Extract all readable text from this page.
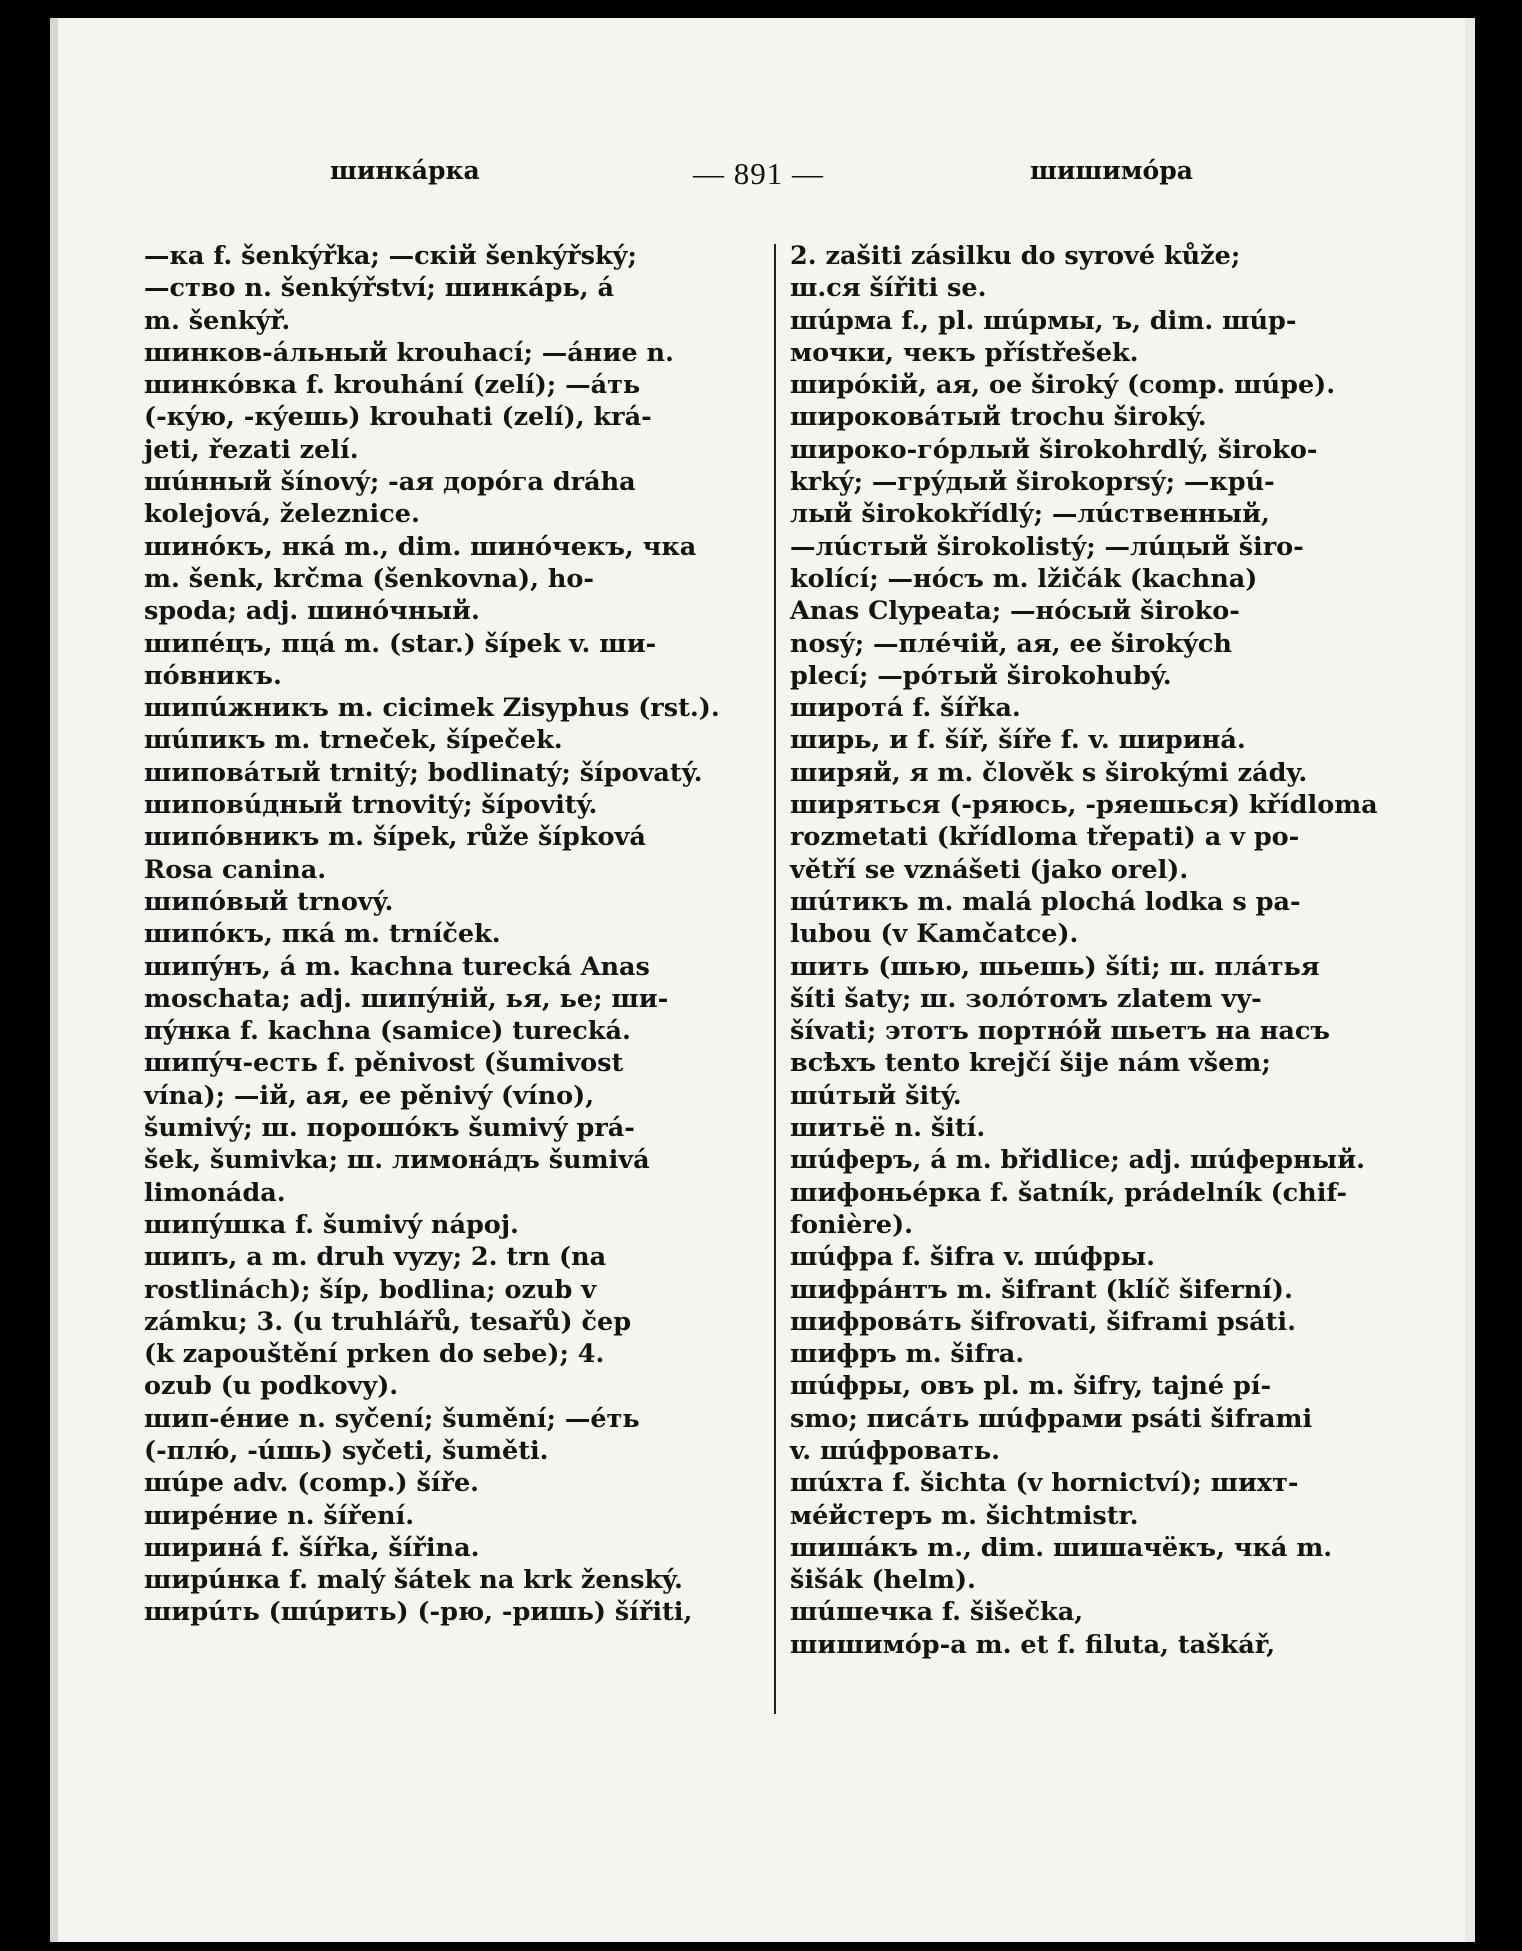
шинкáрка	— 891 —	шишимóра

—ка f. šenkýřka; —скій šenkýřský;

—ство n. šenkýřství; шинкáрь, á

m. šenkýř.

шинков-áльный krouhací; —áние n.

шинкóвка f. krouhání (zelí); —áть

(-кýю, -кýешь) krouhati (zelí), krá-

jeti, řezati zelí.

шúнный šínový; -ая дорóга dráha

kolejová, železnice.

шинóкъ, нкá m., dim. шинóчекъ, чка

m. šenk, krčma (šenkovna), ho-

spoda; adj. шинóчный.

шипéцъ, пцá m. (star.) šípek v. ши-

пóвникъ.

шипúжникъ m. cicimek Zisyphus (rst.).

шúпикъ m. trneček, šípeček.

шиповáтый trnitý; bodlinatý; šípovatý.

шиповúдный trnovitý; šípovitý.

шипóвникъ m. šípek, růže šípková

Rosa canina.

шипóвый trnový.

шипóкъ, пкá m. trníček.

шипýнъ, á m. kachna turecká Anas

moschata; adj. шипýній, ья, ье; ши-

пýнка f. kachna (samice) turecká.

шипýч-есть f. pěnivost (šumivost

vína); —ій, ая, ее pěnivý (víno),

šumivý; ш. порошóкъ šumivý prá-

šek, šumivka; ш. лимонáдъ šumivá

limonáda.

шипýшка f. šumivý nápoj.

шипъ, а m. druh vyzy; 2. trn (na

rostlinách); šíp, bodlina; ozub v

zámku; 3. (u truhlářů, tesařů) čep

(k zapouštění prken do sebe); 4.

ozub (u podkovy).

шип-éние n. syčení; šumění; —éть

(-плю́, -úшь) syčeti, šuměti.

шúре adv. (comp.) šíře.

ширéние n. šíření.

ширинá f. šířka, šířina.

ширúнка f. malý šátek na krk ženský.

ширúть (шúрить) (-рю, -ришь) šířiti,

2. zašiti zásilku do syrové kůže;

ш.ся šířiti se.

шúрмa f., pl. шúрмы, ъ, dim. шúр-

мочки, чекъ přístřešek.

ширóкій, ая, ое široký (comp. шúре).

широковáтый trochu široký.

широко-гóрлый širokohrdlý, široko-

krký; —грýдый širokoprsý; —крú-

лый širokokřídlý; —лúственный,

—лúстый širokolistý; —лúцый širo-

kolící; —нóсъ m. lžičák (kachna)

Anas Clypeata; —нóсый široko-

nosý; —плéчій, ая, ее širokých

plecí; —рóтый širokohubý.

широтá f. šířka.

ширь, и f. šíř, šíře f. v. ширинá.

ширяй, я m. člověk s širokými zády.

ширяться (-ряюсь, -ряешься) křídloma

rozmetati (křídloma třepati) a v po-

větří se vznášeti (jako orel).

шúтикъ m. malá plochá lodka s pa-

lubou (v Kamčatce).

шить (шью, шьешь) šíti; ш. плáтья

šíti šaty; ш. золóтомъ zlatem vy-

šívati; этотъ портнóй шьетъ на насъ

всѣхъ tento krejčí šije nám všem;

шúтый šitý.

шитьё n. šití.

шúферъ, á m. břidlice; adj. шúферный.

шифоньéрка f. šatník, prádelník (chif-

fonière).

шúфра f. šifra v. шúфры.

шифрáнтъ m. šifrant (klíč šiferní).

шифровáть šifrovati, šiframi psáti.

шифръ m. šifra.

шúфры, овъ pl. m. šifry, tajné pí-

smo; писáть шúфрами psáti šiframi

v. шúфровать.

шúхта f. šichta (v hornictví); шихт-

мéйстеръ m. šichtmistr.

шишáкъ m., dim. шишачёкъ, чкá m.

šišák (helm).

шúшечка f. šišečka,

шишимóр-а m. et f. filuta, taškář,
